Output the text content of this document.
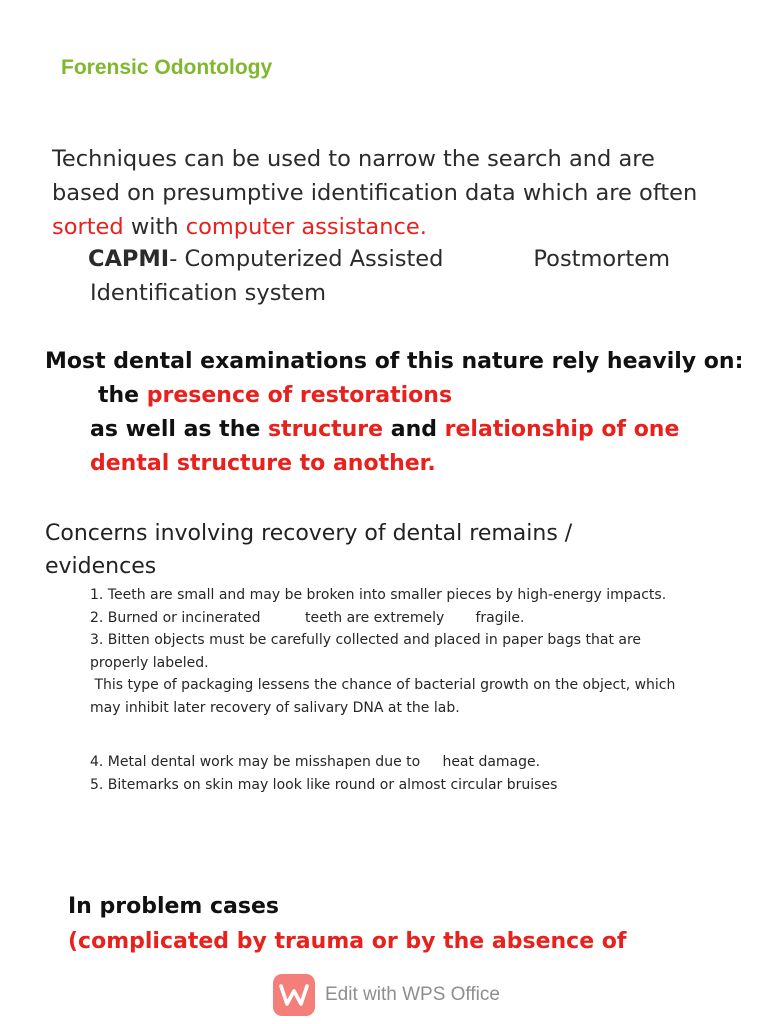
Forensic Odontology
Techniques can be used to narrow the search and are
based on presumptive identification data which are often
sorted with computer assistance.
CAPMI- Computerized Assisted	Postmortem
Identification system
Most dental examinations of this nature rely heavily on:
the presence of restorations
as well as the structure and relationship of one
dental structure to another.
Concerns involving recovery of dental remains /
evidences
1. Teeth are small and may be broken into smaller pieces by high-energy impacts.
2. Burned or incinerated          teeth are extremely       fragile.
3. Bitten objects must be carefully collected and placed in paper bags that are
properly labeled.
This type of packaging lessens the chance of bacterial growth on the object, which
may inhibit later recovery of salivary DNA at the lab.
4. Metal dental work may be misshapen due to     heat damage.
5. Bitemarks on skin may look like round or almost circular bruises
In problem cases
(complicated by trauma or by the absence of
Edit with WPS Office
